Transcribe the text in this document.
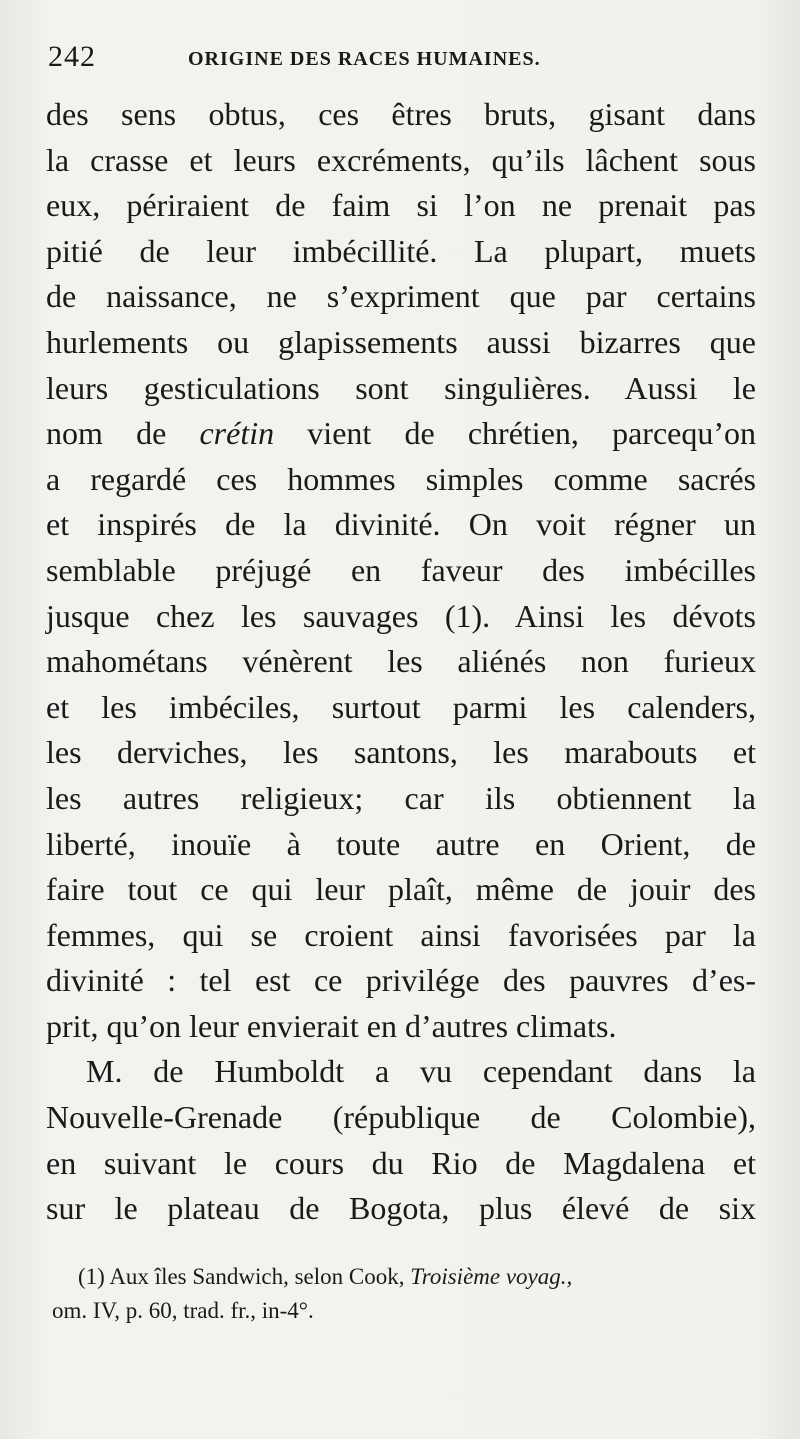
242	ORIGINE DES RACES HUMAINES.
des sens obtus, ces êtres bruts, gisant dans
la crasse et leurs excréments, qu’ils lâchent sous
eux, périraient de faim si l’on ne prenait pas
pitié de leur imbécillité. La plupart, muets
de naissance, ne s’expriment que par certains
hurlements ou glapissements aussi bizarres que
leurs gesticulations sont singulières. Aussi le
nom de crétin vient de chrétien, parcequ’on
a regardé ces hommes simples comme sacrés
et inspirés de la divinité. On voit régner un
semblable préjugé en faveur des imbécilles
jusque chez les sauvages (1). Ainsi les dévots
mahométans vénèrent les aliénés non furieux
et les imbéciles, surtout parmi les calenders,
les derviches, les santons, les marabouts et
les autres religieux; car ils obtiennent la
liberté, inouïe à toute autre en Orient, de
faire tout ce qui leur plaît, même de jouir des
femmes, qui se croient ainsi favorisées par la
divinité : tel est ce privilége des pauvres d’es-
prit, qu’on leur envierait en d’autres climats.
M. de Humboldt a vu cependant dans la
Nouvelle-Grenade (république de Colombie),
en suivant le cours du Rio de Magdalena et
sur le plateau de Bogota, plus élevé de six
(1) Aux îles Sandwich, selon Cook, Troisième voyag.,
om. IV, p. 60, trad. fr., in-4°.
